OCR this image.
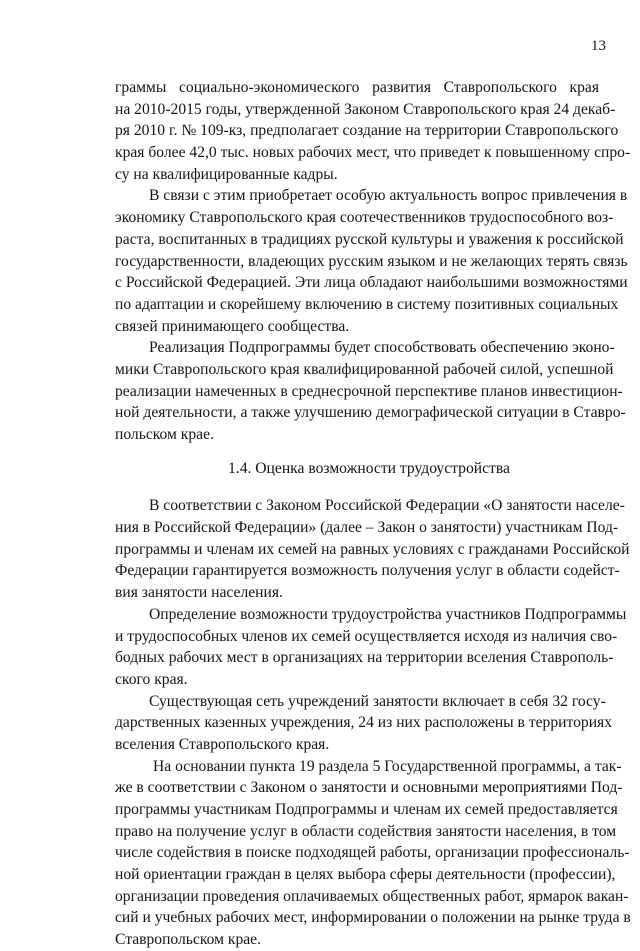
13
граммы социально-экономического развития Ставропольского края
на 2010-2015 годы, утвержденной Законом Ставропольского края 24 декаб-
ря 2010 г. № 109-кз, предполагает создание на территории Ставропольского
края более 42,0 тыс. новых рабочих мест, что приведет к повышенному спро-
су на квалифицированные кадры.
В связи с этим приобретает особую актуальность вопрос привлечения в
экономику Ставропольского края соотечественников трудоспособного воз-
раста, воспитанных в традициях русской культуры и уважения к российской
государственности, владеющих русским языком и не желающих терять связь
с Российской Федерацией. Эти лица обладают наибольшими возможностями
по адаптации и скорейшему включению в систему позитивных социальных
связей принимающего сообщества.
Реализация Подпрограммы будет способствовать обеспечению эконо-
мики Ставропольского края квалифицированной рабочей силой, успешной
реализации намеченных в среднесрочной перспективе планов инвестицион-
ной деятельности, а также улучшению демографической ситуации в Ставро-
польском крае.
1.4. Оценка возможности трудоустройства
В соответствии с Законом Российской Федерации «О занятости населе-
ния в Российской Федерации» (далее – Закон о занятости) участникам Под-
программы и членам их семей на равных условиях с гражданами Российской
Федерации гарантируется возможность получения услуг в области содейст-
вия занятости населения.
Определение возможности трудоустройства участников Подпрограммы
и трудоспособных членов их семей осуществляется исходя из наличия сво-
бодных рабочих мест в организациях на территории вселения Ставрополь-
ского края.
Существующая сеть учреждений занятости включает в себя 32 госу-
дарственных казенных учреждения, 24 из них расположены в территориях
вселения Ставропольского края.
На основании пункта 19 раздела 5 Государственной программы, а так-
же в соответствии с Законом о занятости и основными мероприятиями Под-
программы участникам Подпрограммы и членам их семей предоставляется
право на получение услуг в области содействия занятости населения, в том
числе содействия в поиске подходящей работы, организации профессиональ-
ной ориентации граждан в целях выбора сферы деятельности (профессии),
организации проведения оплачиваемых общественных работ, ярмарок вакан-
сий и учебных рабочих мест, информировании о положении на рынке труда в
Ставропольском крае.
